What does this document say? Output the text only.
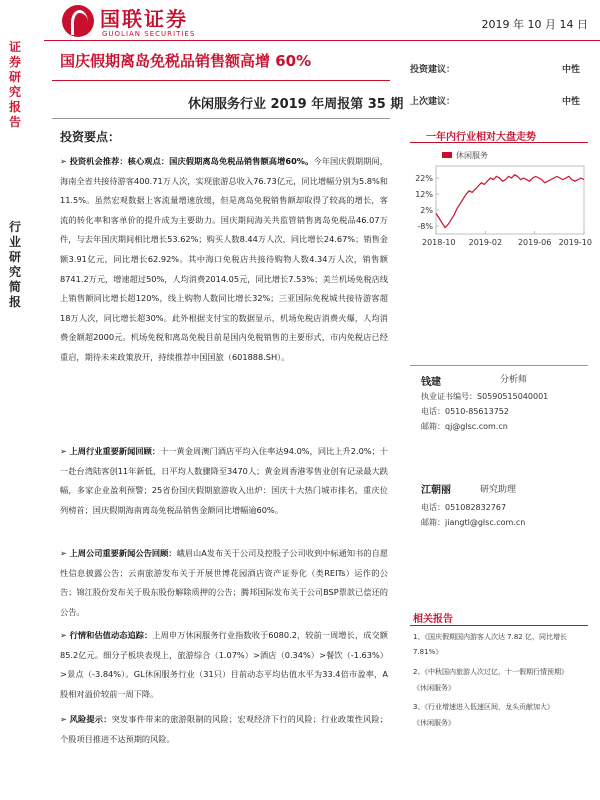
国联证券
GUOLIAN SECURITIES
2019 年 10 月 14 日
证
券
研
究
报
告
行
业
研
究
简
报
国庆假期离岛免税品销售额高增 60%
休闲服务行业 2019 年周报第 35 期
投资建议：	中性
上次建议：	中性
投资要点：
➢ 投资机会推荐：核心观点：国庆假期离岛免税品销售额高增60%。今年国庆假期期间，海南全省共接待游客400.71万人次，实现旅游总收入76.73亿元，同比增幅分别为5.8%和11.5%。虽然宏观数据上客流量增速放缓，但是离岛免税销售额却取得了较高的增长，客流的转化率和客单价的提升成为主要助力。国庆期间海关共监管销售离岛免税品46.07万件，与去年国庆期间相比增长53.62%；购买人数8.44万人次，同比增长24.67%；销售金额3.91亿元，同比增长62.92%。其中海口免税店共接待购物人数4.34万人次，销售额8741.2万元，增速超过50%，人均消费2014.05元，同比增长7.53%；美兰机场免税店线上销售额同比增长超120%，线上购物人数同比增长32%；三亚国际免税城共接待游客超18万人次，同比增长超30%。此外根据支付宝的数据显示，机场免税店消费火爆，人均消费金额超2000元。机场免税和离岛免税目前是国内免税销售的主要形式，市内免税店已经重启，期待未来政策放开，持续推荐中国国旅（601888.SH）。
➢ 上周行业重要新闻回顾：十一黄金周澳门酒店平均入住率达94.0%，同比上升2.0%；十一赴台湾陆客创11年新低，日平均人数骤降至3470人；黄金周香港零售业创有记录最大跌幅，多家企业盈利预警；25省份国庆假期旅游收入出炉：国庆十大热门城市排名，重庆位列榜首；国庆假期海南离岛免税品销售金额同比增幅逾60%。
➢ 上周公司重要新闻公告回顾：峨眉山A发布关于公司及控股子公司收到中标通知书的自愿性信息披露公告；云南旅游发布关于开展世博花园酒店资产证券化（类REITs）运作的公告；锦江股份发布关于股东股份解除质押的公告；腾邦国际发布关于公司BSP票款已偿还的公告。
➢ 行情和估值动态追踪：上周申万休闲服务行业指数收于6080.2，较前一周增长，成交额85.2亿元。细分子板块表现上，旅游综合（1.07%）>酒店（0.34%）>餐饮（-1.63%）>景点（-3.84%）。GL休闲服务行业（31只）目前动态平均估值水平为33.4倍市盈率，A股相对溢价较前一周下降。
➢ 风险提示：突发事件带来的旅游限制的风险；宏观经济下行的风险；行业政策性风险；个股项目推进不达预期的风险。
一年内行业相对大盘走势
22%
12%
2%
-8%
2018-10 2019-02 2019-06 2019-10
休闲服务
钱建	分析师
执业证书编号：S0590515040001
电话：0510-85613752
邮箱：qj@glsc.com.cn
江朝丽	研究助理
电话：051082832767
邮箱：jiangtl@glsc.com.cn
相关报告
1、《国庆假期国内游客人次达 7.82 亿，同比增长 7.81%》
2、《中秋国内旅游人次过亿，十一假期行情预期》
《休闲服务》
3、《行业增速进入低速区间，龙头贡献加大》
《休闲服务》
